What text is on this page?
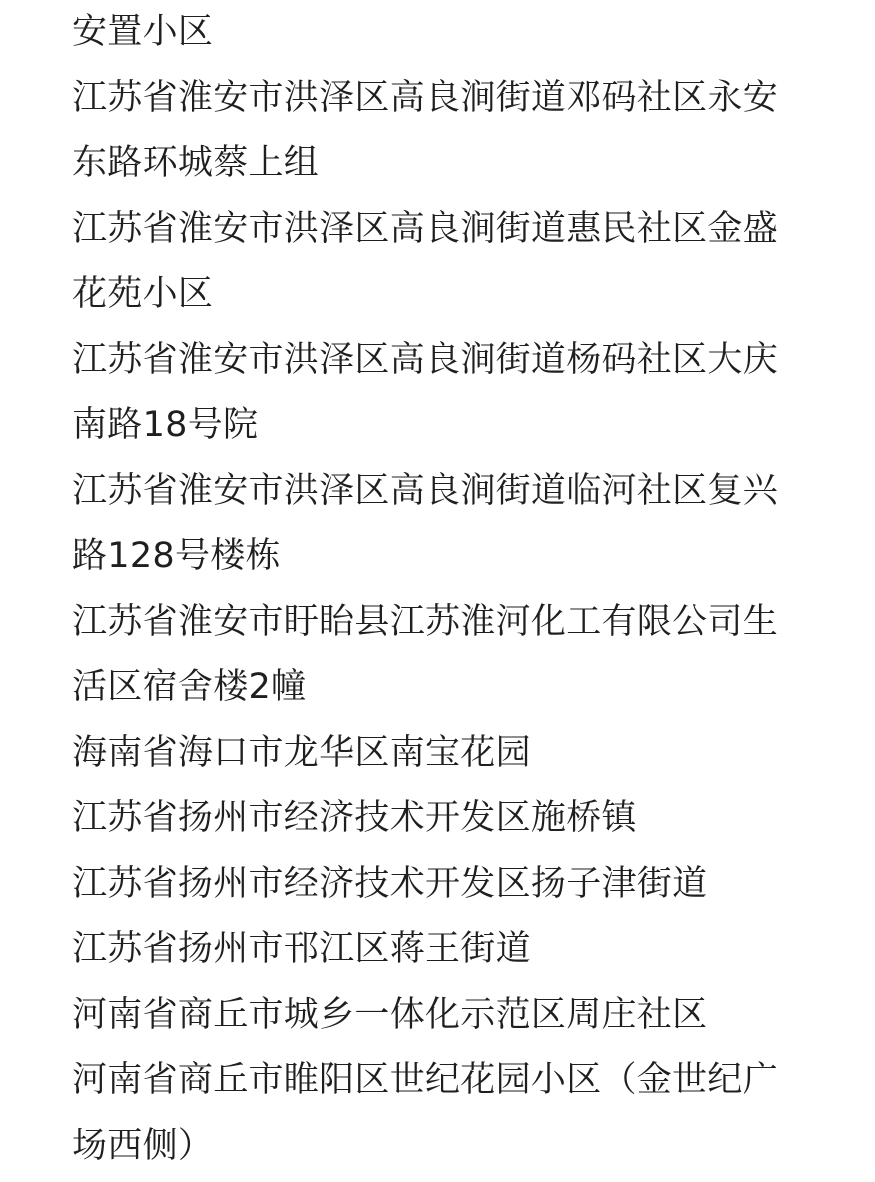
安置小区
江苏省淮安市洪泽区高良涧街道邓码社区永安
东路环城蔡上组
江苏省淮安市洪泽区高良涧街道惠民社区金盛
花苑小区
江苏省淮安市洪泽区高良涧街道杨码社区大庆
南路18号院
江苏省淮安市洪泽区高良涧街道临河社区复兴
路128号楼栋
江苏省淮安市盱眙县江苏淮河化工有限公司生
活区宿舍楼2幢
海南省海口市龙华区南宝花园
江苏省扬州市经济技术开发区施桥镇
江苏省扬州市经济技术开发区扬子津街道
江苏省扬州市邗江区蒋王街道
河南省商丘市城乡一体化示范区周庄社区
河南省商丘市睢阳区世纪花园小区（金世纪广
场西侧）
